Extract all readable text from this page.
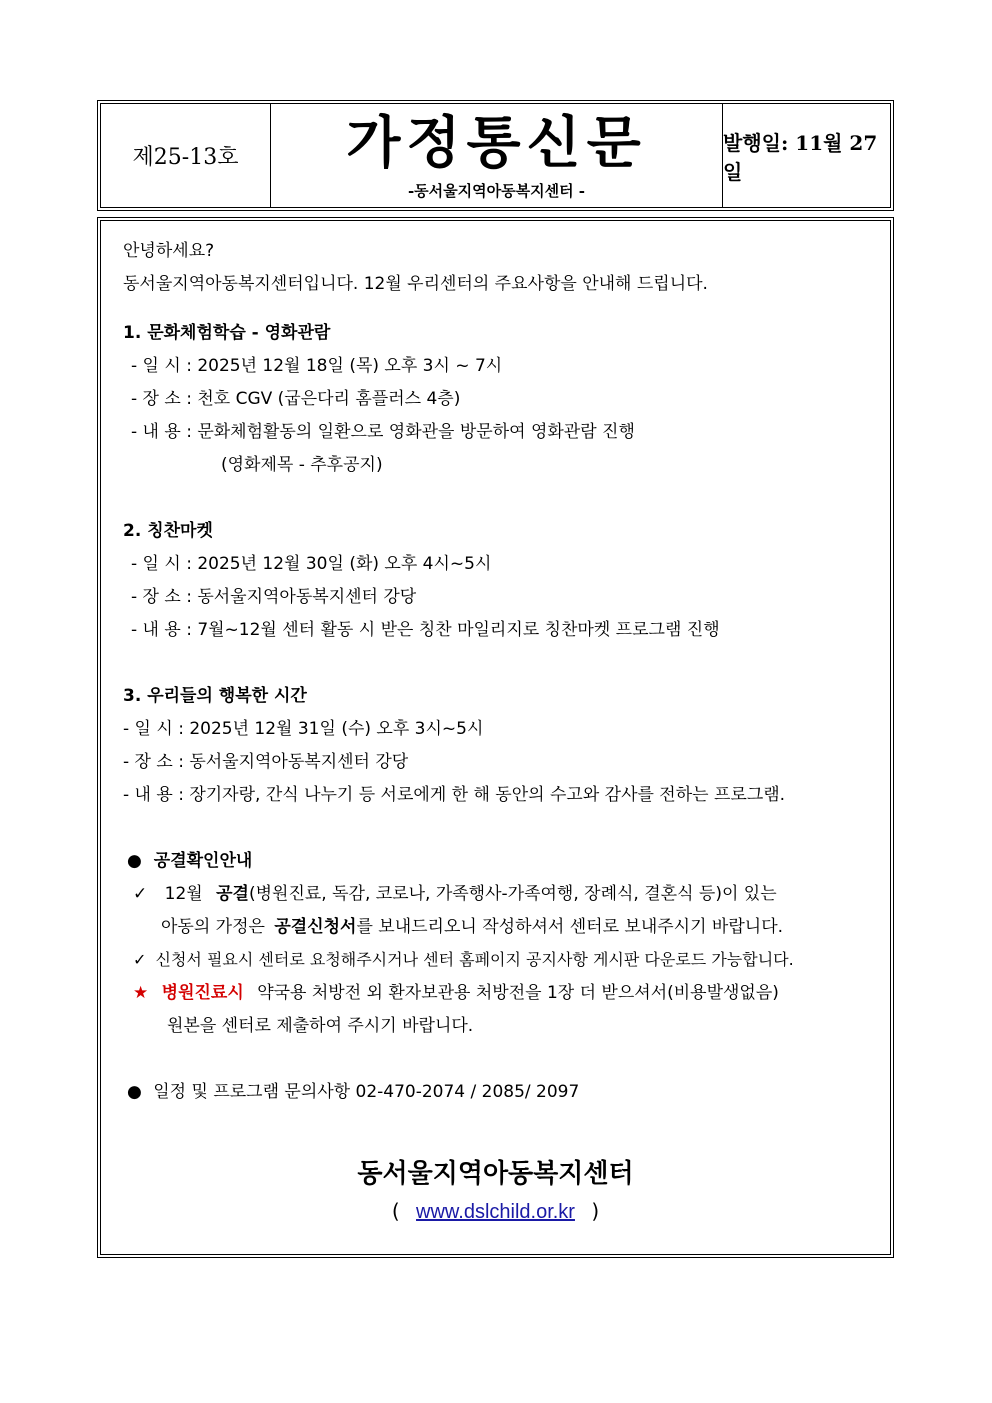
제25-13호	가정통신문
-동서울지역아동복지센터 -
발행일: 11월 27일
안녕하세요?
동서울지역아동복지센터입니다. 12월 우리센터의 주요사항을 안내해 드립니다.
1. 문화체험학습 - 영화관람
- 일 시 : 2025년 12월 18일 (목) 오후 3시 ~ 7시
- 장 소 : 천호 CGV (굽은다리 홈플러스 4층)
- 내 용 : 문화체험활동의 일환으로 영화관을 방문하여 영화관람 진행
(영화제목 - 추후공지)
2. 칭찬마켓
- 일 시 : 2025년 12월 30일 (화) 오후 4시~5시
- 장 소 : 동서울지역아동복지센터 강당
- 내 용 : 7월~12월 센터 활동 시 받은 칭찬 마일리지로 칭찬마켓 프로그램 진행
3. 우리들의 행복한 시간
- 일 시 : 2025년 12월 31일 (수) 오후 3시~5시
- 장 소 : 동서울지역아동복지센터 강당
- 내 용 : 장기자랑, 간식 나누기 등 서로에게 한 해 동안의 수고와 감사를 전하는 프로그램.
● 공결확인안내
✓ 12월 공결(병원진료, 독감, 코로나, 가족행사-가족여행, 장례식, 결혼식 등)이 있는
아동의 가정은 공결신청서를 보내드리오니 작성하셔서 센터로 보내주시기 바랍니다.
✓ 신청서 필요시 센터로 요청해주시거나 센터 홈페이지 공지사항 게시판 다운로드 가능합니다.
★ 병원진료시 약국용 처방전 외 환자보관용 처방전을 1장 더 받으셔서(비용발생없음)
원본을 센터로 제출하여 주시기 바랍니다.
● 일정 및 프로그램 문의사항 02-470-2074 / 2085/ 2097
동서울지역아동복지센터
( www.dslchild.or.kr )
